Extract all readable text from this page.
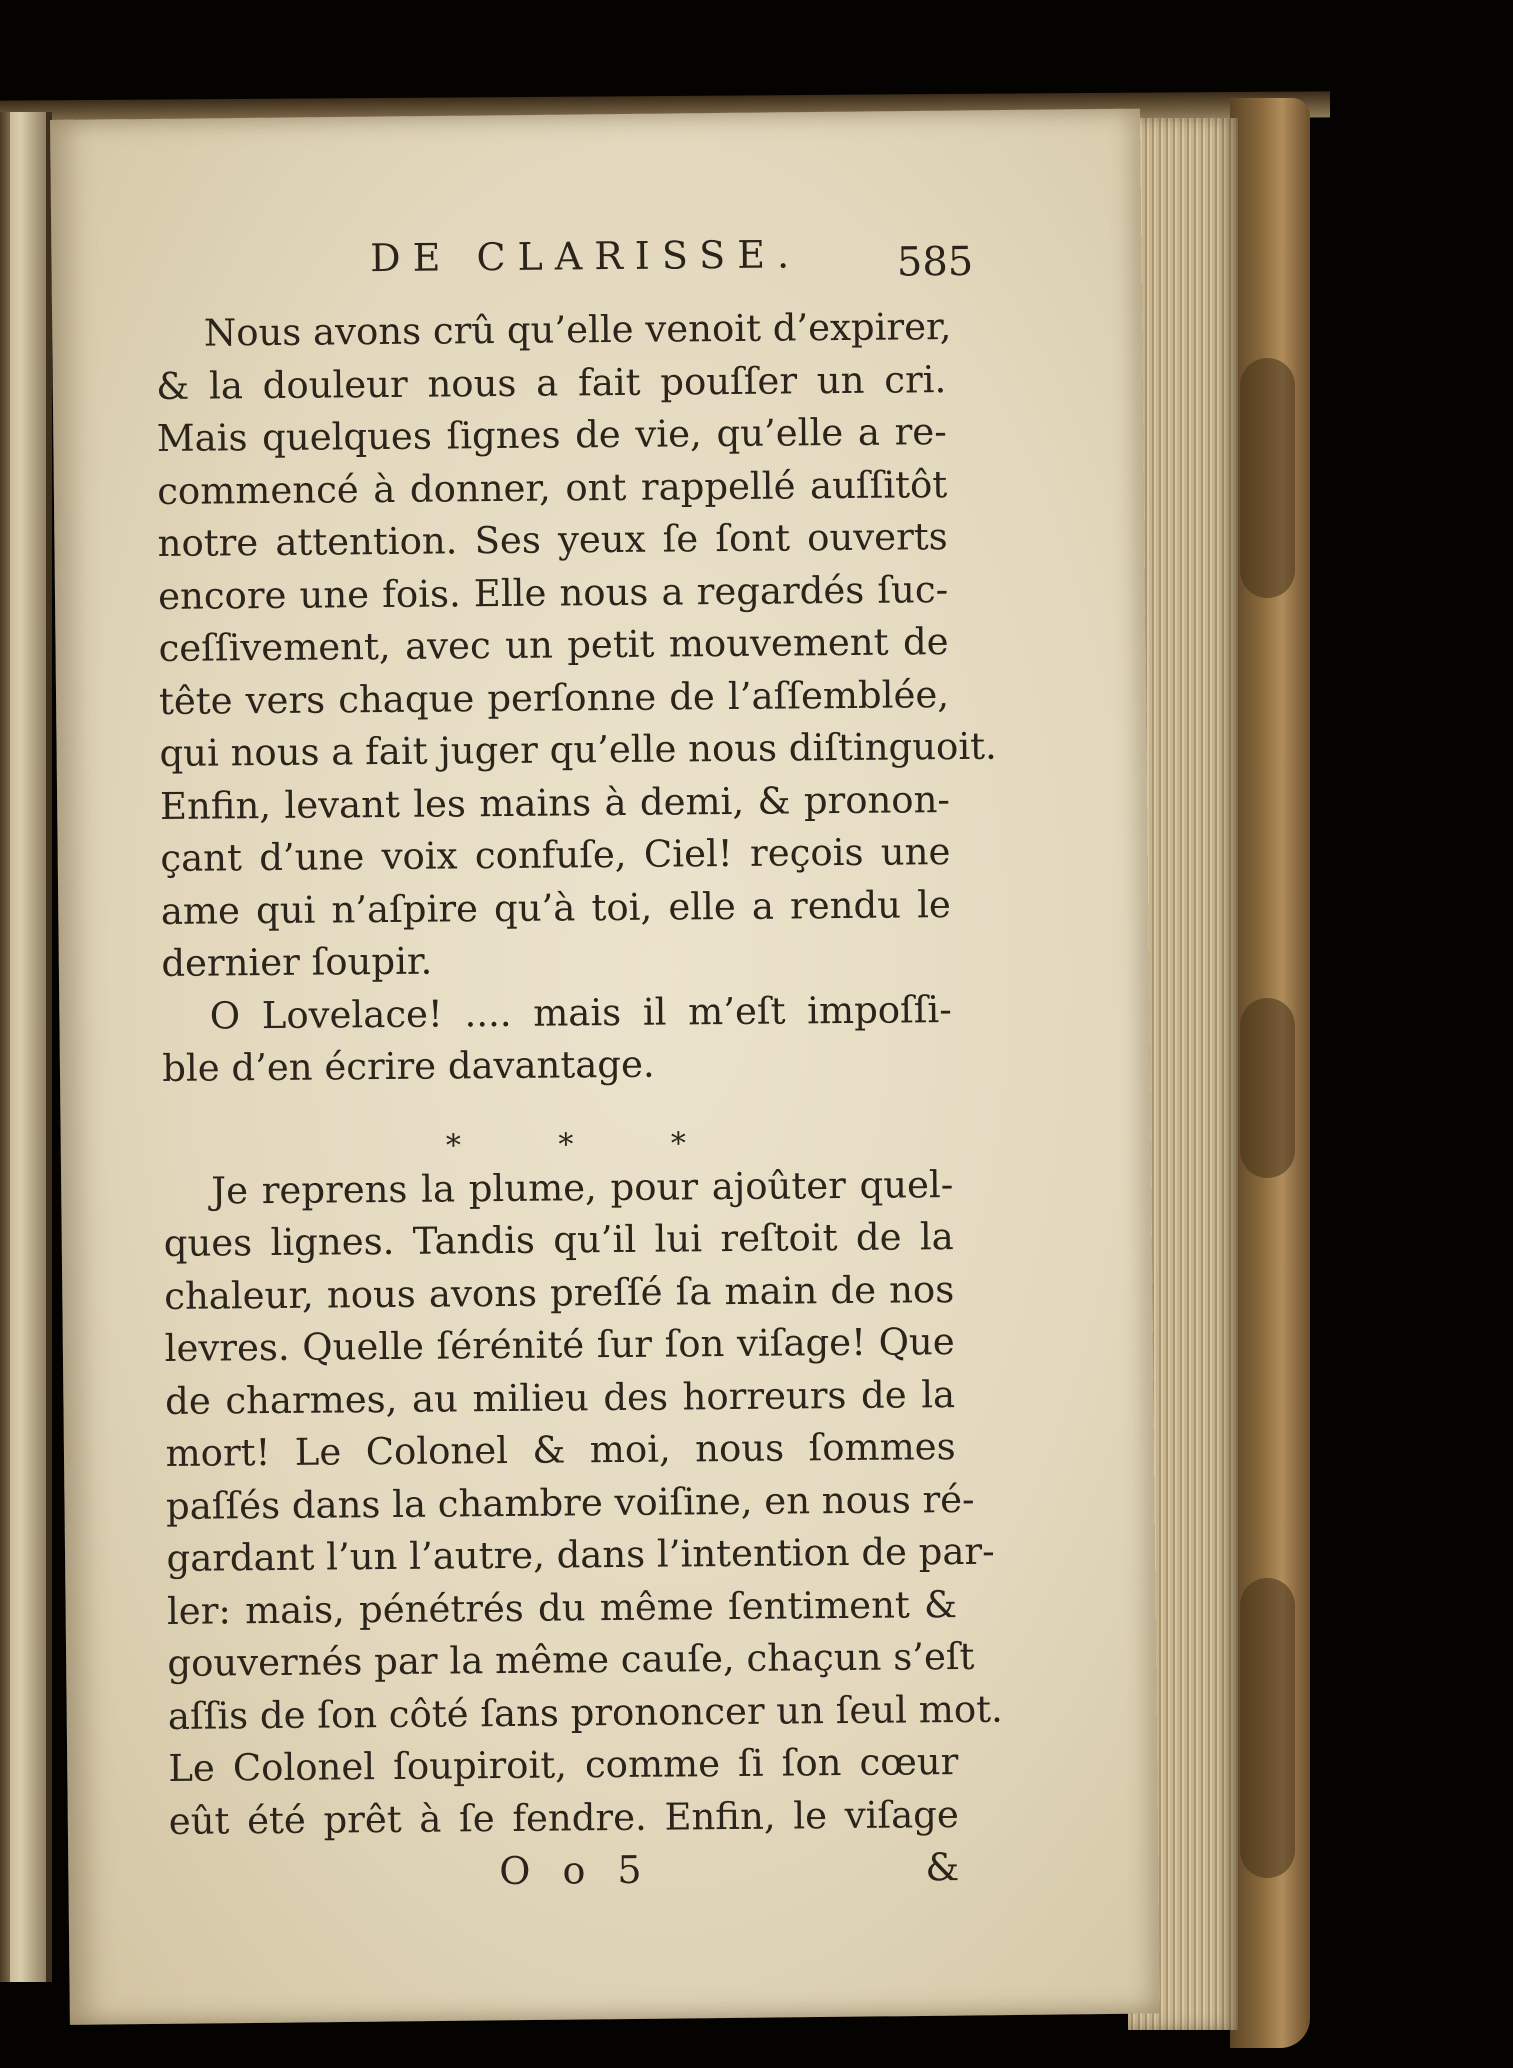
DE CLARISSE. 585

Nous avons crû qu’elle venoit d’expirer,
& la douleur nous a fait pouſſer un cri.
Mais quelques ſignes de vie, qu’elle a re-
commencé à donner, ont rappellé auſſitôt
notre attention. Ses yeux ſe ſont ouverts
encore une fois. Elle nous a regardés ſuc-
ceſſivement, avec un petit mouvement de
tête vers chaque perſonne de l’aſſemblée,
qui nous a fait juger qu’elle nous diſtinguoit.
Enfin, levant les mains à demi, & pronon-
çant d’une voix confuſe, Ciel! reçois une
ame qui n’aſpire qu’à toi, elle a rendu le
dernier ſoupir.

O Lovelace! .... mais il m’eſt impoſſi-
ble d’en écrire davantage.

* * *

Je reprens la plume, pour ajoûter quel-
ques lignes. Tandis qu’il lui reſtoit de la
chaleur, nous avons preſſé ſa main de nos
levres. Quelle ſérénité ſur ſon viſage! Que
de charmes, au milieu des horreurs de la
mort! Le Colonel & moi, nous ſommes
paſſés dans la chambre voiſine, en nous ré-
gardant l’un l’autre, dans l’intention de par-
ler: mais, pénétrés du même ſentiment &
gouvernés par la même cauſe, chaçun s’eſt
aſſis de ſon côté ſans prononcer un ſeul mot.
Le Colonel ſoupiroit, comme ſi ſon cœur
eût été prêt à ſe fendre. Enfin, le viſage

O o 5	&
